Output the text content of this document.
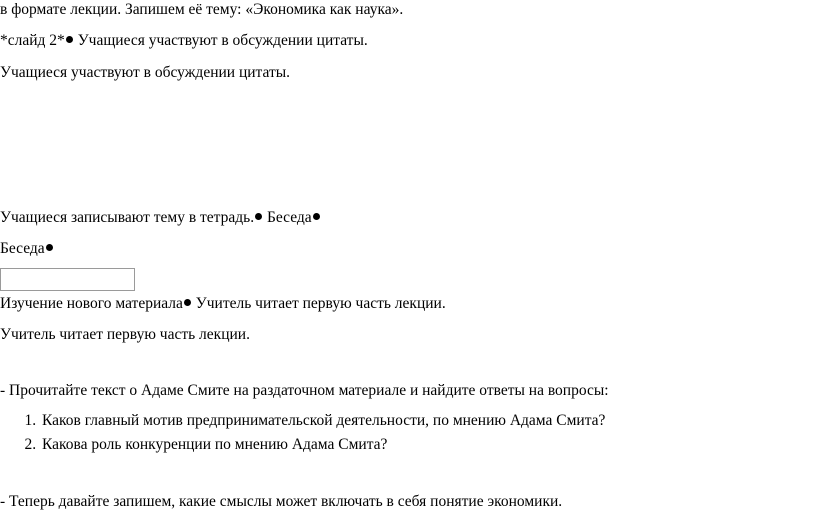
в формате лекции. Запишем её тему: «Экономика как наука».
*слайд 2* Учащиеся участвуют в обсуждении цитаты.
Учащиеся участвуют в обсуждении цитаты.
Учащиеся записывают тему в тетрадь. Беседа
Беседа
Изучение нового материала Учитель читает первую часть лекции.
Учитель читает первую часть лекции.
- Прочитайте текст о Адаме Смите на раздаточном материале и найдите ответы на вопросы:
1. Каков главный мотив предпринимательской деятельности, по мнению Адама Смита?
2. Какова роль конкуренции по мнению Адама Смита?
- Теперь давайте запишем, какие смыслы может включать в себя понятие экономики.
